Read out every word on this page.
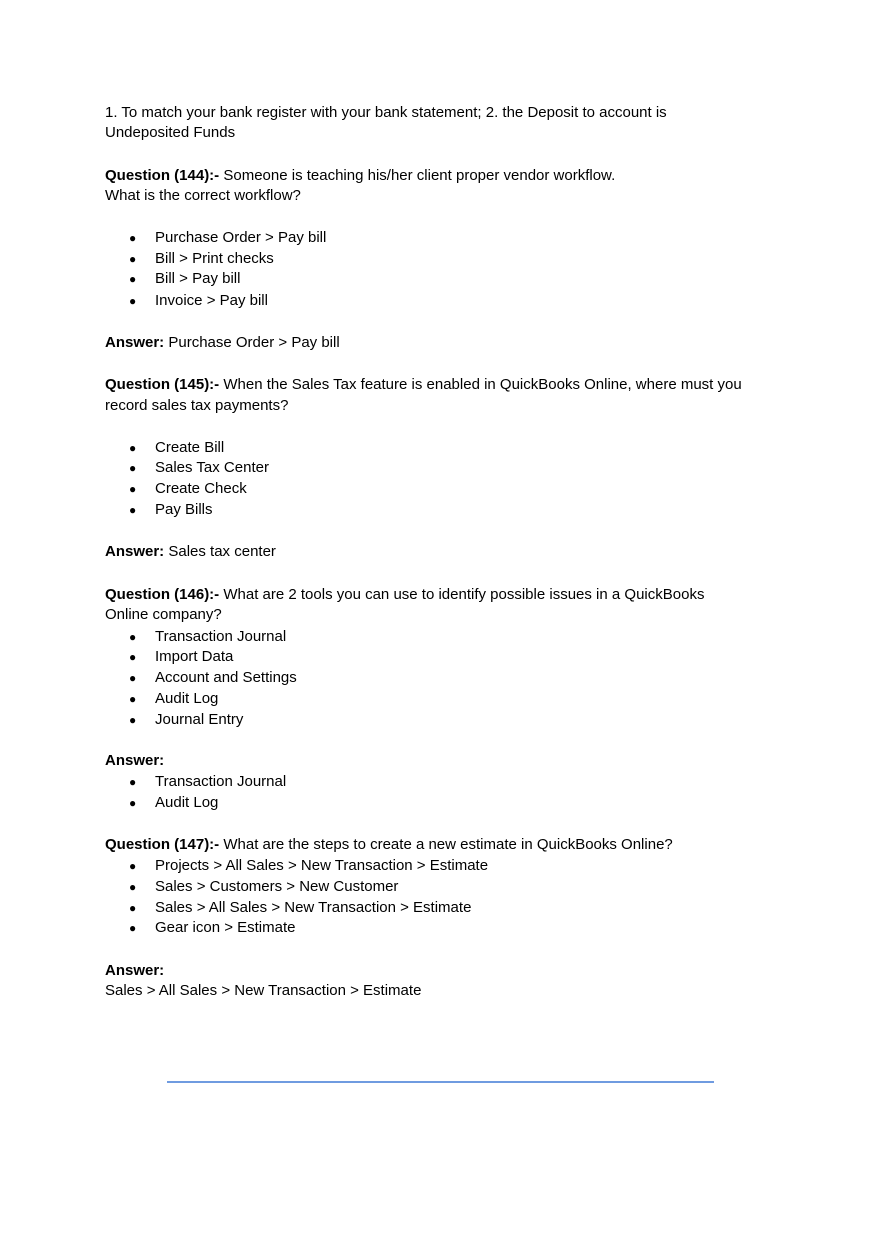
1. To match your bank register with your bank statement; 2. the Deposit to account is
Undeposited Funds
Question (144):- Someone is teaching his/her client proper vendor workflow.
What is the correct workflow?
● Purchase Order > Pay bill
● Bill > Print checks
● Bill > Pay bill
● Invoice > Pay bill
Answer: Purchase Order > Pay bill
Question (145):- When the Sales Tax feature is enabled in QuickBooks Online, where must you
record sales tax payments?
● Create Bill
● Sales Tax Center
● Create Check
● Pay Bills
Answer: Sales tax center
Question (146):- What are 2 tools you can use to identify possible issues in a QuickBooks
Online company?
● Transaction Journal
● Import Data
● Account and Settings
● Audit Log
● Journal Entry
Answer:
● Transaction Journal
● Audit Log
Question (147):- What are the steps to create a new estimate in QuickBooks Online?
● Projects > All Sales > New Transaction > Estimate
● Sales > Customers > New Customer
● Sales > All Sales > New Transaction > Estimate
● Gear icon > Estimate
Answer:
Sales > All Sales > New Transaction > Estimate
